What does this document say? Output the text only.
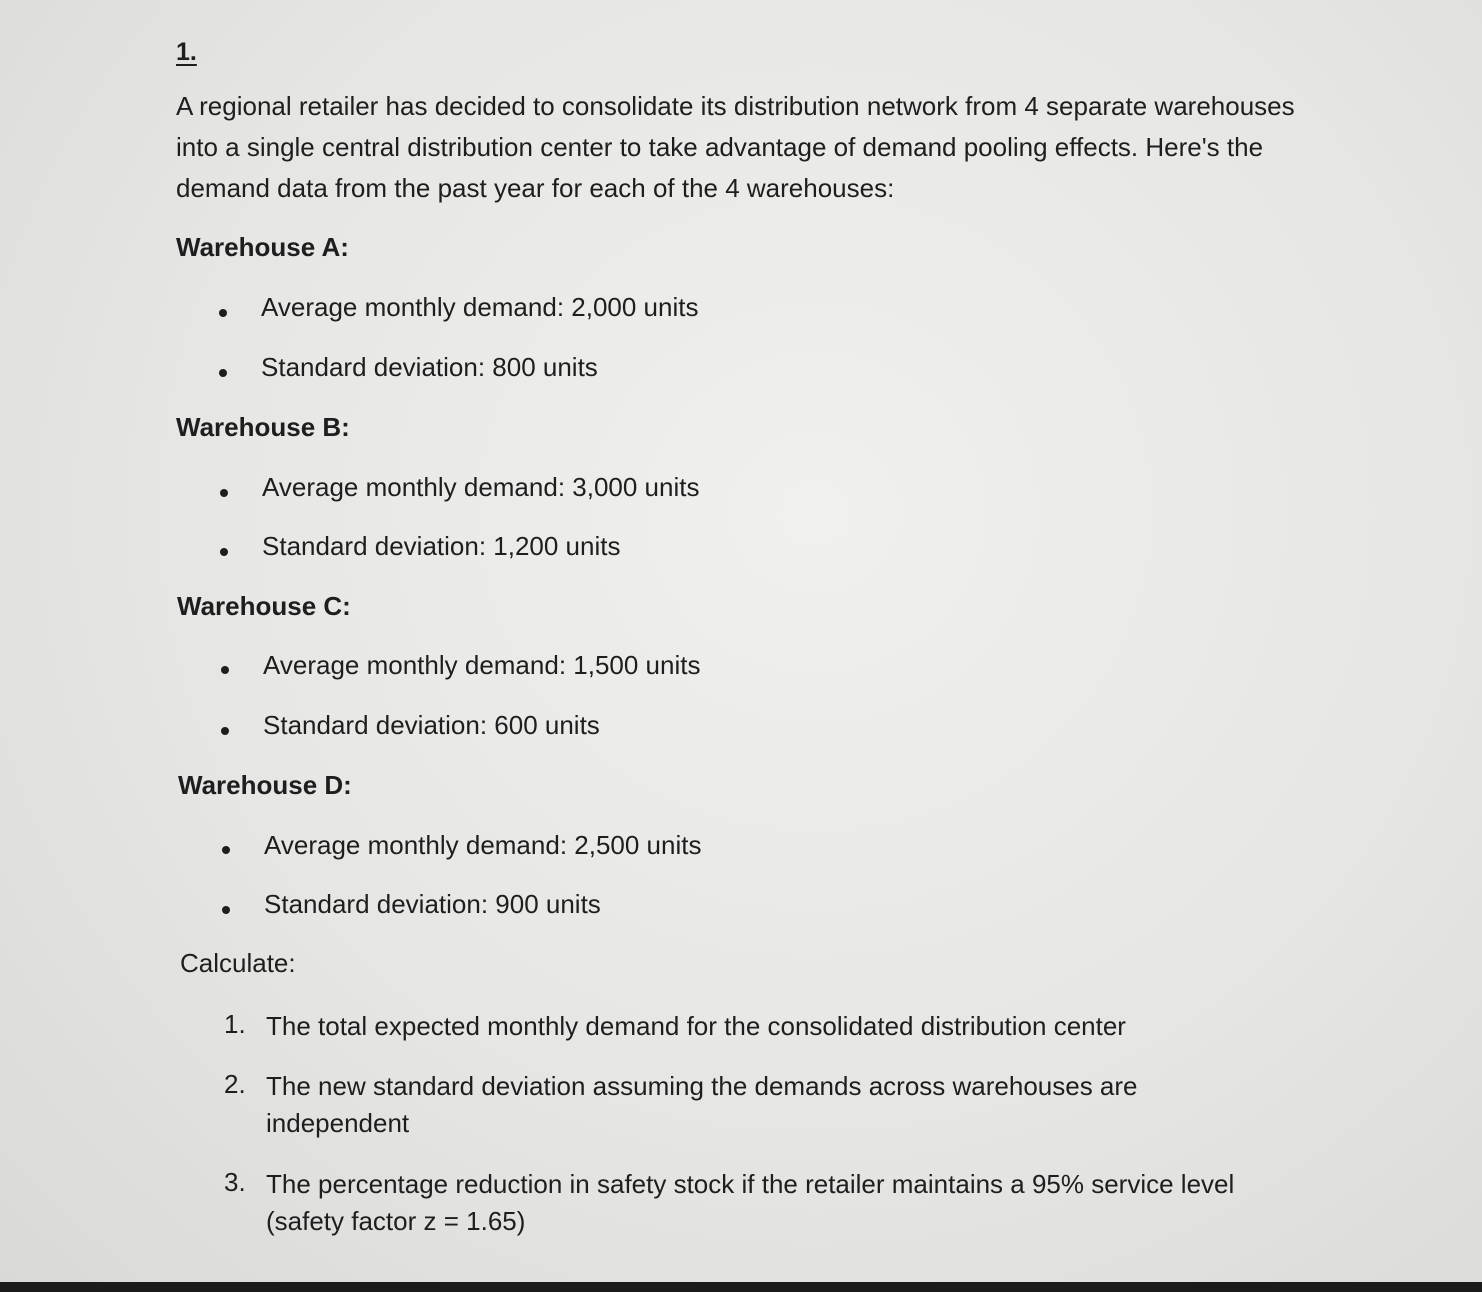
1.

A regional retailer has decided to consolidate its distribution network from 4 separate warehouses into a single central distribution center to take advantage of demand pooling effects. Here's the demand data from the past year for each of the 4 warehouses:

Warehouse A:
Average monthly demand: 2,000 units
Standard deviation: 800 units
Warehouse B:
Average monthly demand: 3,000 units
Standard deviation: 1,200 units
Warehouse C:
Average monthly demand: 1,500 units
Standard deviation: 600 units
Warehouse D:
Average monthly demand: 2,500 units
Standard deviation: 900 units
Calculate:
1. The total expected monthly demand for the consolidated distribution center
2. The new standard deviation assuming the demands across warehouses are independent
3. The percentage reduction in safety stock if the retailer maintains a 95% service level (safety factor z = 1.65)
